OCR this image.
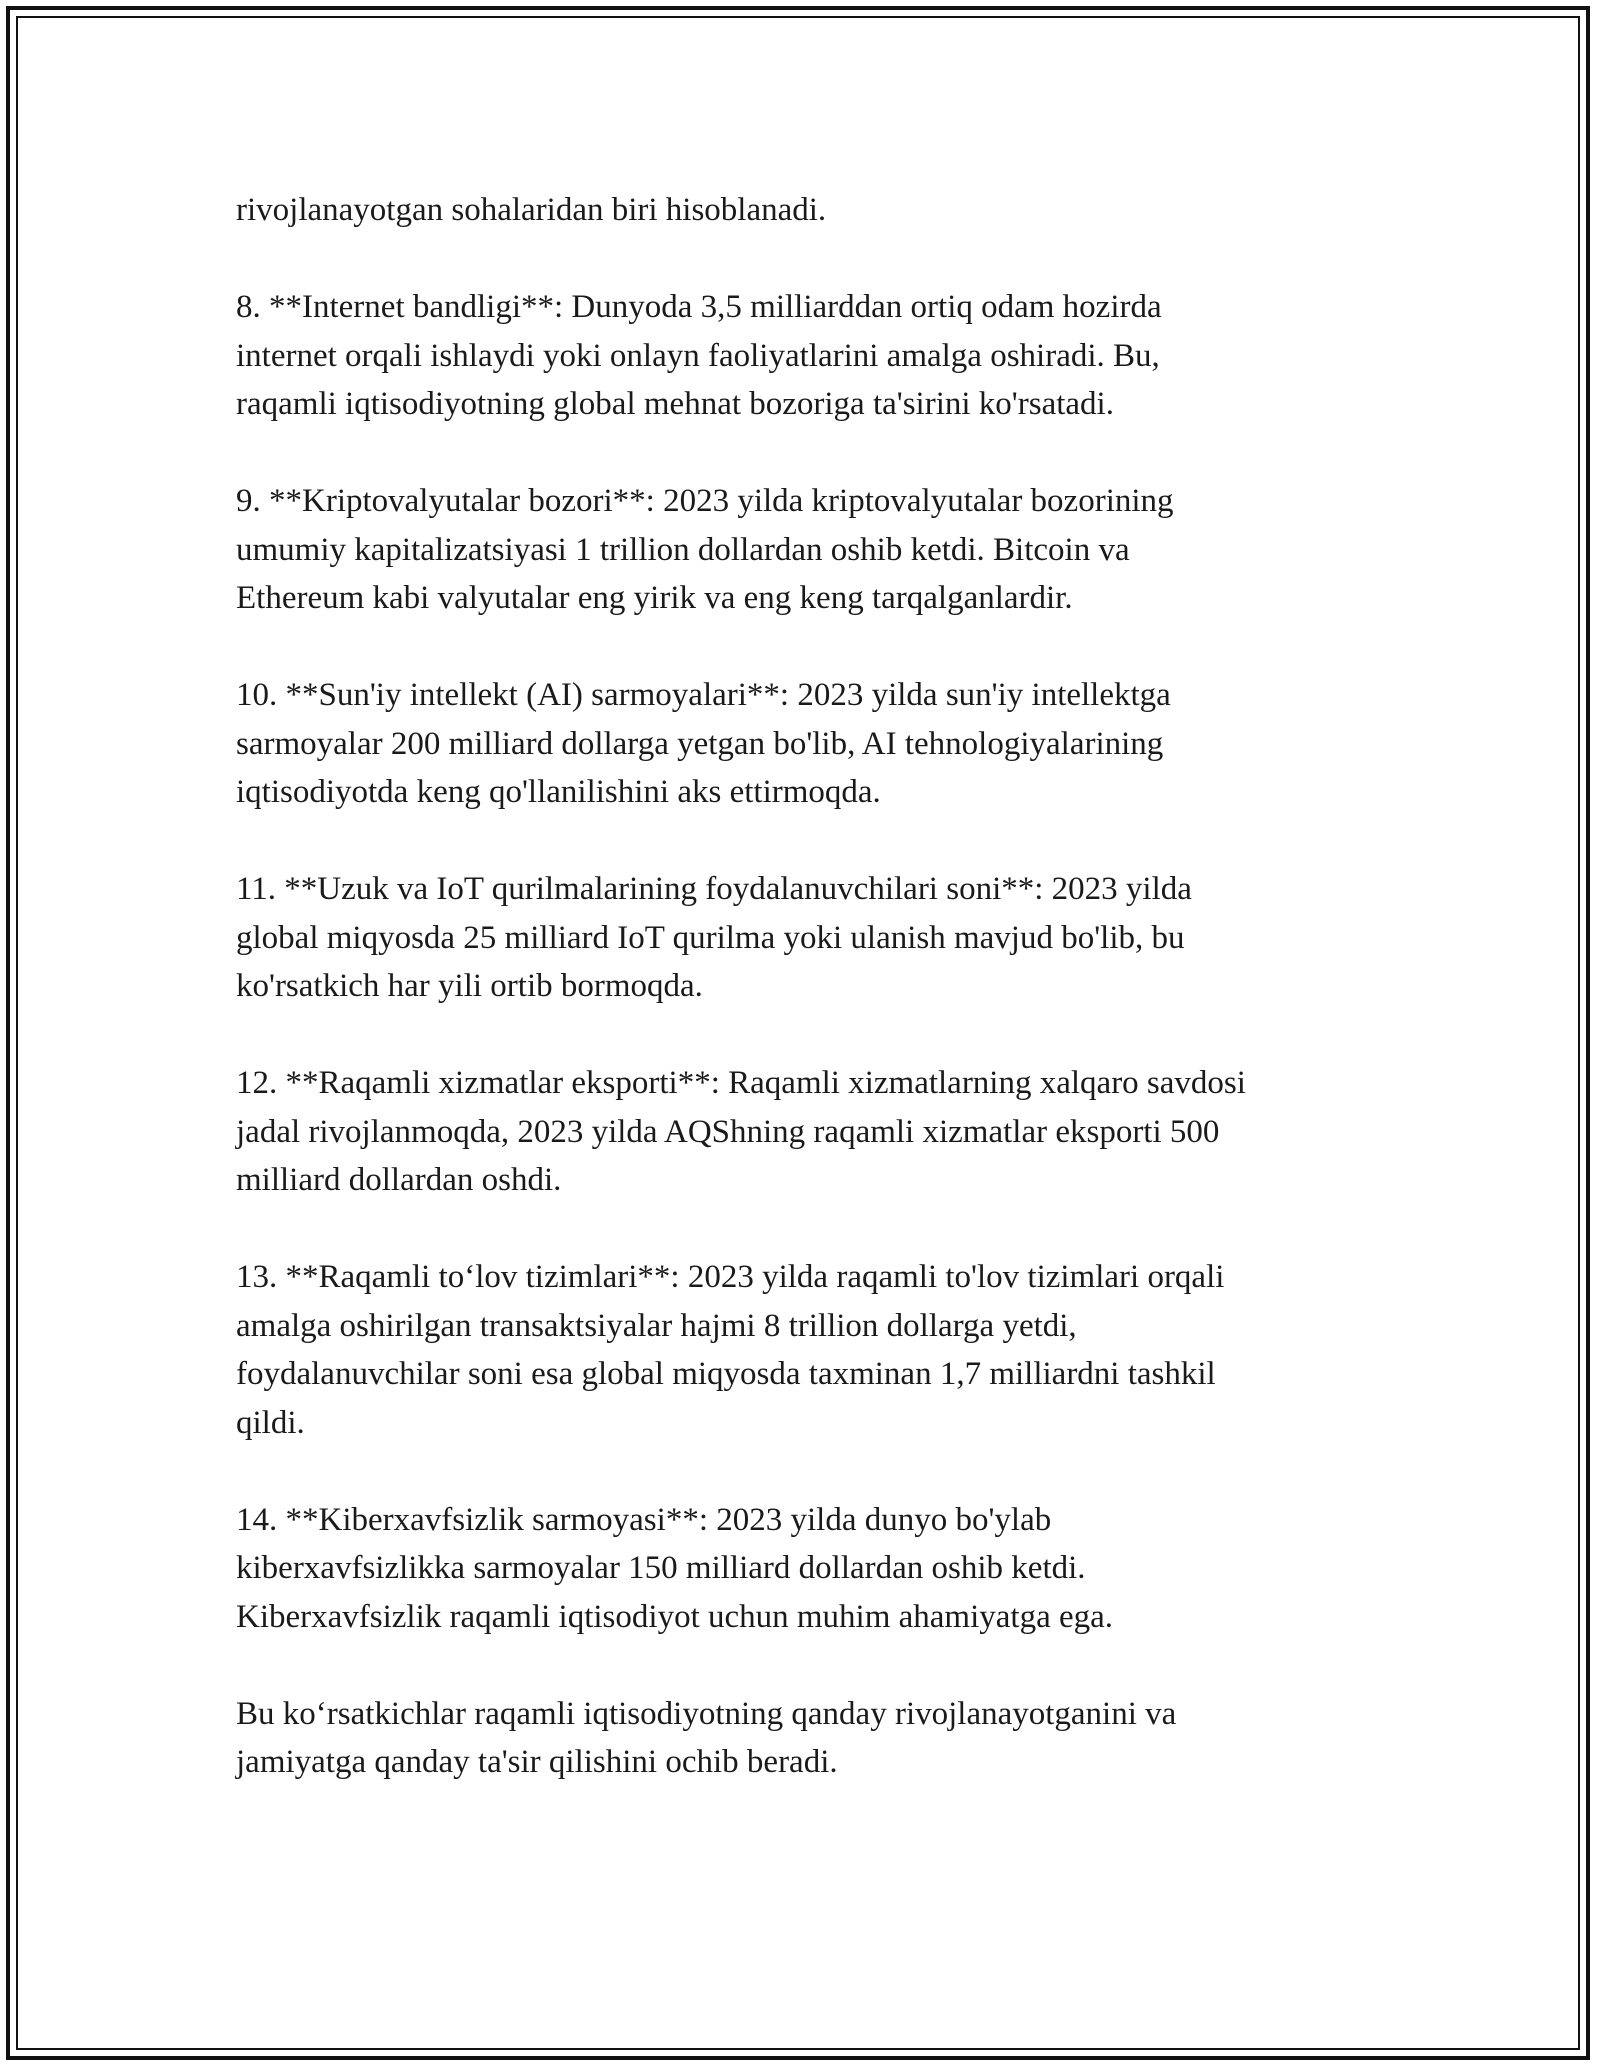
rivojlanayotgan sohalaridan biri hisoblanadi.

8. **Internet bandligi**: Dunyoda 3,5 milliarddan ortiq odam hozirda
internet orqali ishlaydi yoki onlayn faoliyatlarini amalga oshiradi. Bu,
raqamli iqtisodiyotning global mehnat bozoriga ta'sirini ko'rsatadi.

9. **Kriptovalyutalar bozori**: 2023 yilda kriptovalyutalar bozorining
umumiy kapitalizatsiyasi 1 trillion dollardan oshib ketdi. Bitcoin va
Ethereum kabi valyutalar eng yirik va eng keng tarqalganlardir.

10. **Sun'iy intellekt (AI) sarmoyalari**: 2023 yilda sun'iy intellektga
sarmoyalar 200 milliard dollarga yetgan bo'lib, AI tehnologiyalarining
iqtisodiyotda keng qo'llanilishini aks ettirmoqda.

11. **Uzuk va IoT qurilmalarining foydalanuvchilari soni**: 2023 yilda
global miqyosda 25 milliard IoT qurilma yoki ulanish mavjud bo'lib, bu
ko'rsatkich har yili ortib bormoqda.

12. **Raqamli xizmatlar eksporti**: Raqamli xizmatlarning xalqaro savdosi
jadal rivojlanmoqda, 2023 yilda AQShning raqamli xizmatlar eksporti 500
milliard dollardan oshdi.

13. **Raqamli to‘lov tizimlari**: 2023 yilda raqamli to'lov tizimlari orqali
amalga oshirilgan transaktsiyalar hajmi 8 trillion dollarga yetdi,
foydalanuvchilar soni esa global miqyosda taxminan 1,7 milliardni tashkil
qildi.

14. **Kiberxavfsizlik sarmoyasi**: 2023 yilda dunyo bo'ylab
kiberxavfsizlikka sarmoyalar 150 milliard dollardan oshib ketdi.
Kiberxavfsizlik raqamli iqtisodiyot uchun muhim ahamiyatga ega.

Bu ko‘rsatkichlar raqamli iqtisodiyotning qanday rivojlanayotganini va
jamiyatga qanday ta'sir qilishini ochib beradi.
